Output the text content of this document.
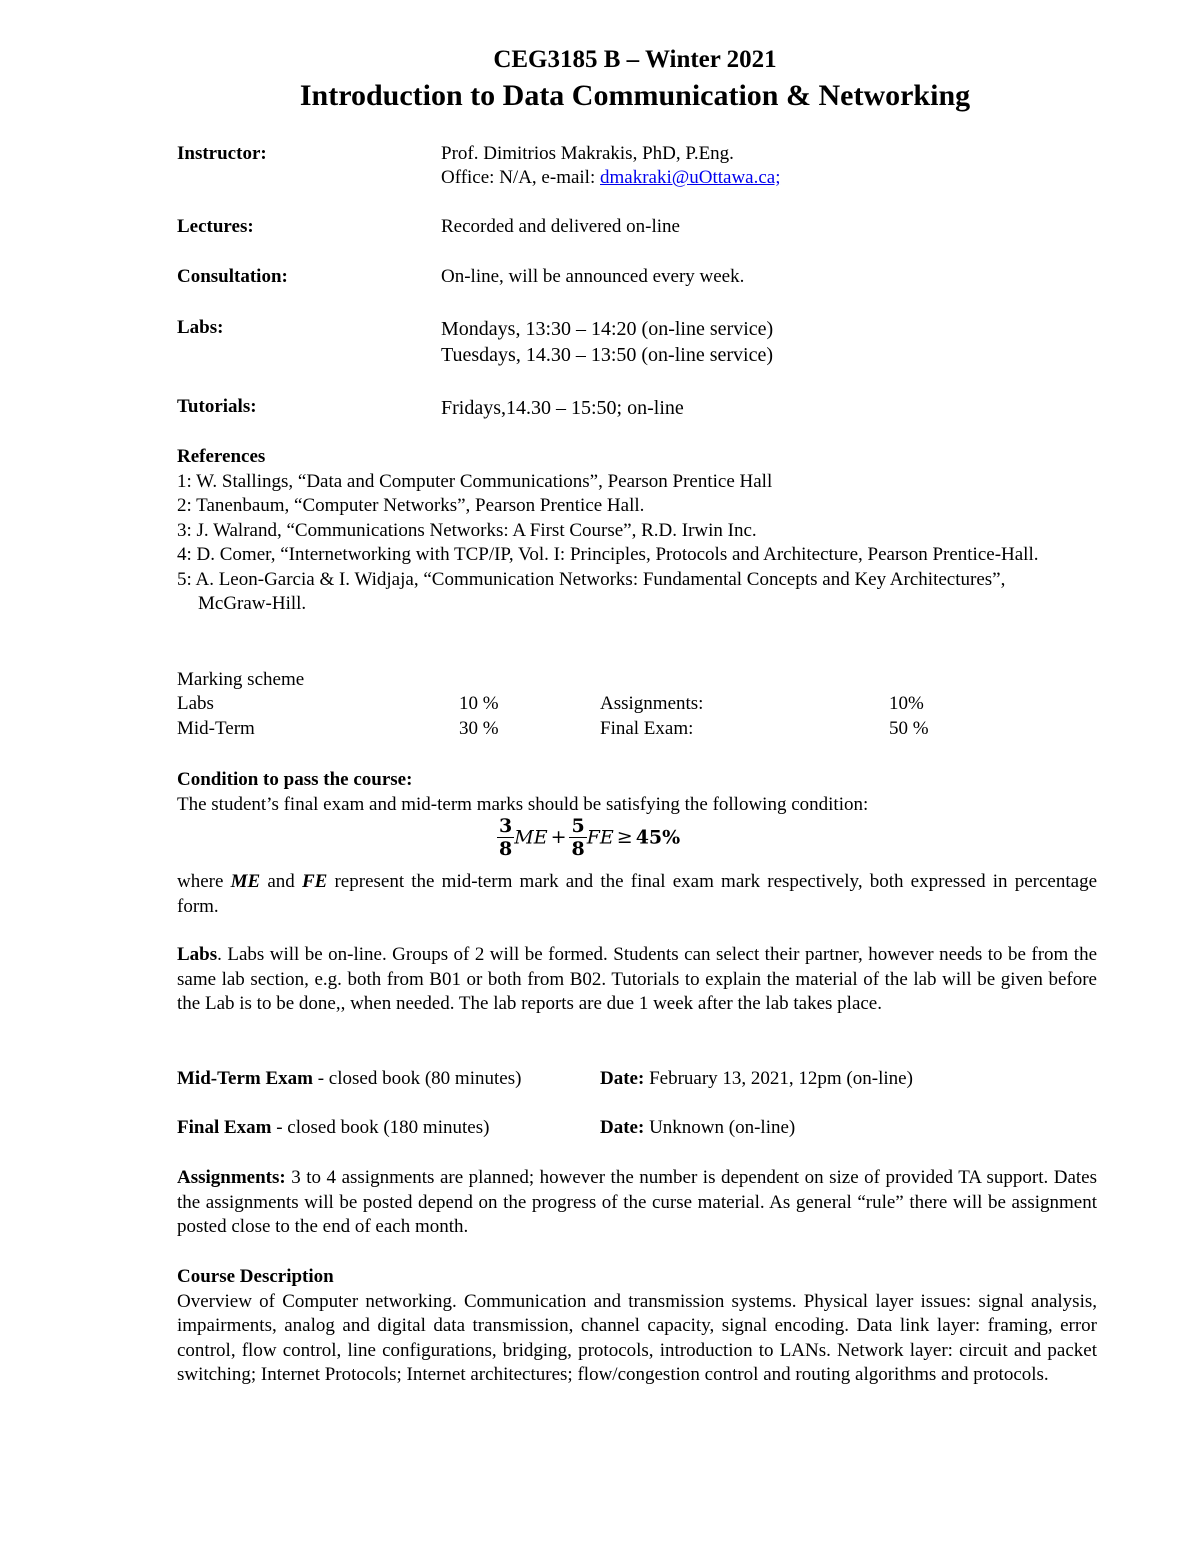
CEG3185 B – Winter 2021
Introduction to Data Communication & Networking
Instructor:	Prof. Dimitrios Makrakis, PhD, P.Eng.
Office: N/A, e-mail: dmakraki@uOttawa.ca;
Lectures:	Recorded and delivered on-line
Consultation:	On-line, will be announced every week.
Labs:	Mondays, 13:30 – 14:20 (on-line service)
Tuesdays, 14.30 – 13:50 (on-line service)
Tutorials:	Fridays,14.30 – 15:50; on-line
References
1: W. Stallings, “Data and Computer Communications”, Pearson Prentice Hall
2: Tanenbaum, “Computer Networks”, Pearson Prentice Hall.
3: J. Walrand, “Communications Networks: A First Course”, R.D. Irwin Inc.
4: D. Comer, “Internetworking with TCP/IP, Vol. I: Principles, Protocols and Architecture, Pearson Prentice-Hall.
5: A. Leon-Garcia & I. Widjaja, “Communication Networks: Fundamental Concepts and Key Architectures”, McGraw-Hill.
Marking scheme
Labs	10 %	Assignments:	10%
Mid-Term	30 %	Final Exam:	50 %
Condition to pass the course:
The student’s final exam and mid-term marks should be satisfying the following condition:
$\frac{3}{8}$ ME + $\frac{5}{8}$ FE ≥ 45%
where ME and FE represent the mid-term mark and the final exam mark respectively, both expressed in percentage form.
Labs. Labs will be on-line. Groups of 2 will be formed. Students can select their partner, however needs to be from the same lab section, e.g. both from B01 or both from B02. Tutorials to explain the material of the lab will be given before the Lab is to be done,, when needed. The lab reports are due 1 week after the lab takes place.
Mid-Term Exam - closed book (80 minutes)	Date: February 13, 2021, 12pm (on-line)
Final Exam - closed book (180 minutes)	Date: Unknown (on-line)
Assignments: 3 to 4 assignments are planned; however the number is dependent on size of provided TA support. Dates the assignments will be posted depend on the progress of the curse material. As general “rule” there will be assignment posted close to the end of each month.
Course Description
Overview of Computer networking. Communication and transmission systems. Physical layer issues: signal analysis, impairments, analog and digital data transmission, channel capacity, signal encoding. Data link layer: framing, error control, flow control, line configurations, bridging, protocols, introduction to LANs. Network layer: circuit and packet switching; Internet Protocols; Internet architectures; flow/congestion control and routing algorithms and protocols.
